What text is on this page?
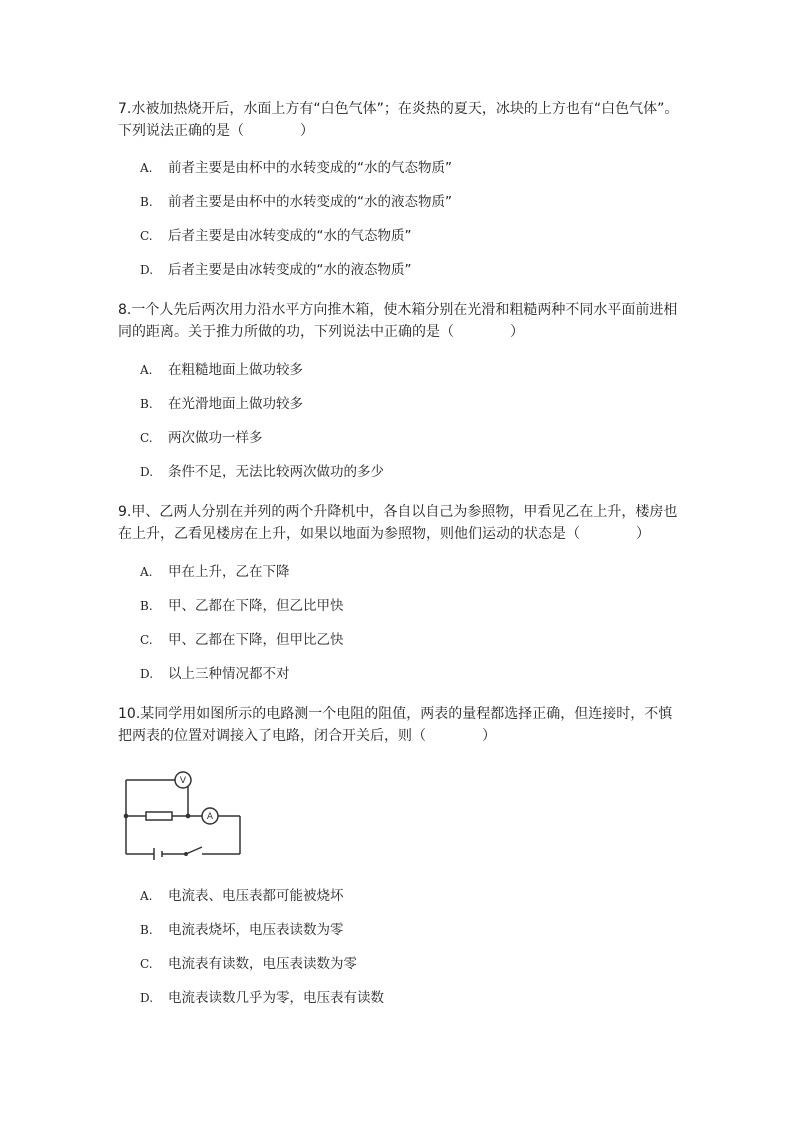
7.水被加热烧开后，水面上方有“白色气体”；在炎热的夏天，冰块的上方也有“白色气体”。下列说法正确的是（　　　　）
A. 前者主要是由杯中的水转变成的“水的气态物质”
B. 前者主要是由杯中的水转变成的“水的液态物质”
C. 后者主要是由冰转变成的“水的气态物质”
D. 后者主要是由冰转变成的“水的液态物质”
8.一个人先后两次用力沿水平方向推木箱，使木箱分别在光滑和粗糙两种不同水平面前进相同的距离。关于推力所做的功，下列说法中正确的是（　　　　）
A. 在粗糙地面上做功较多
B. 在光滑地面上做功较多
C. 两次做功一样多
D. 条件不足，无法比较两次做功的多少
9.甲、乙两人分别在并列的两个升降机中，各自以自己为参照物，甲看见乙在上升，楼房也在上升，乙看见楼房在上升，如果以地面为参照物，则他们运动的状态是（　　　　）
A. 甲在上升，乙在下降
B. 甲、乙都在下降，但乙比甲快
C. 甲、乙都在下降，但甲比乙快
D. 以上三种情况都不对
10.某同学用如图所示的电路测一个电阻的阻值，两表的量程都选择正确，但连接时，不慎把两表的位置对调接入了电路，闭合开关后，则（　　　　）
V
A
A. 电流表、电压表都可能被烧坏
B. 电流表烧坏，电压表读数为零
C. 电流表有读数，电压表读数为零
D. 电流表读数几乎为零，电压表有读数
